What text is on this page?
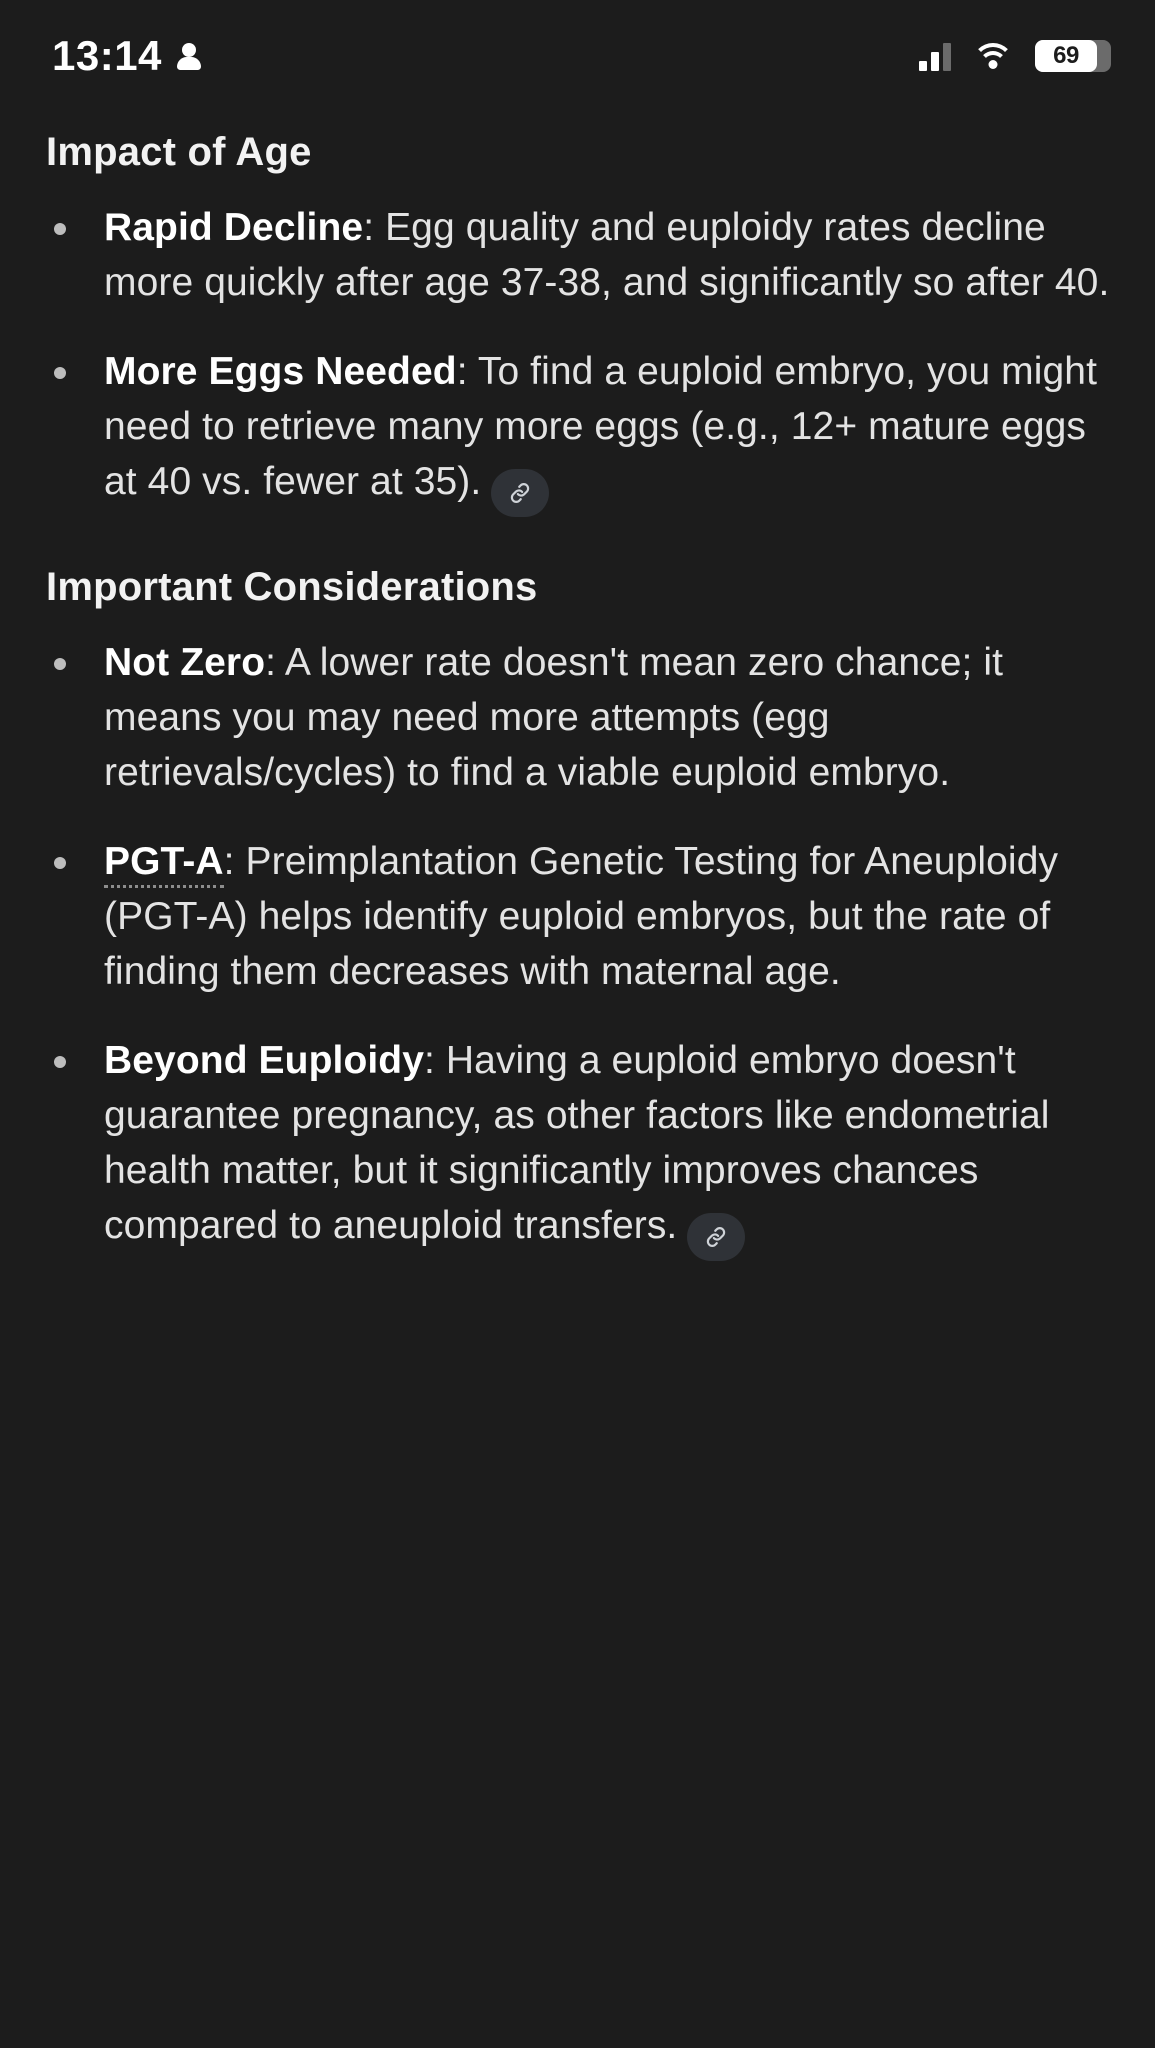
13:14	69
Impact of Age
Rapid Decline: Egg quality and euploidy rates decline more quickly after age 37-38, and significantly so after 40.
More Eggs Needed: To find a euploid embryo, you might need to retrieve many more eggs (e.g., 12+ mature eggs at 40 vs. fewer at 35).
Important Considerations
Not Zero: A lower rate doesn't mean zero chance; it means you may need more attempts (egg retrievals/cycles) to find a viable euploid embryo.
PGT-A: Preimplantation Genetic Testing for Aneuploidy (PGT-A) helps identify euploid embryos, but the rate of finding them decreases with maternal age.
Beyond Euploidy: Having a euploid embryo doesn't guarantee pregnancy, as other factors like endometrial health matter, but it significantly improves chances compared to aneuploid transfers.
